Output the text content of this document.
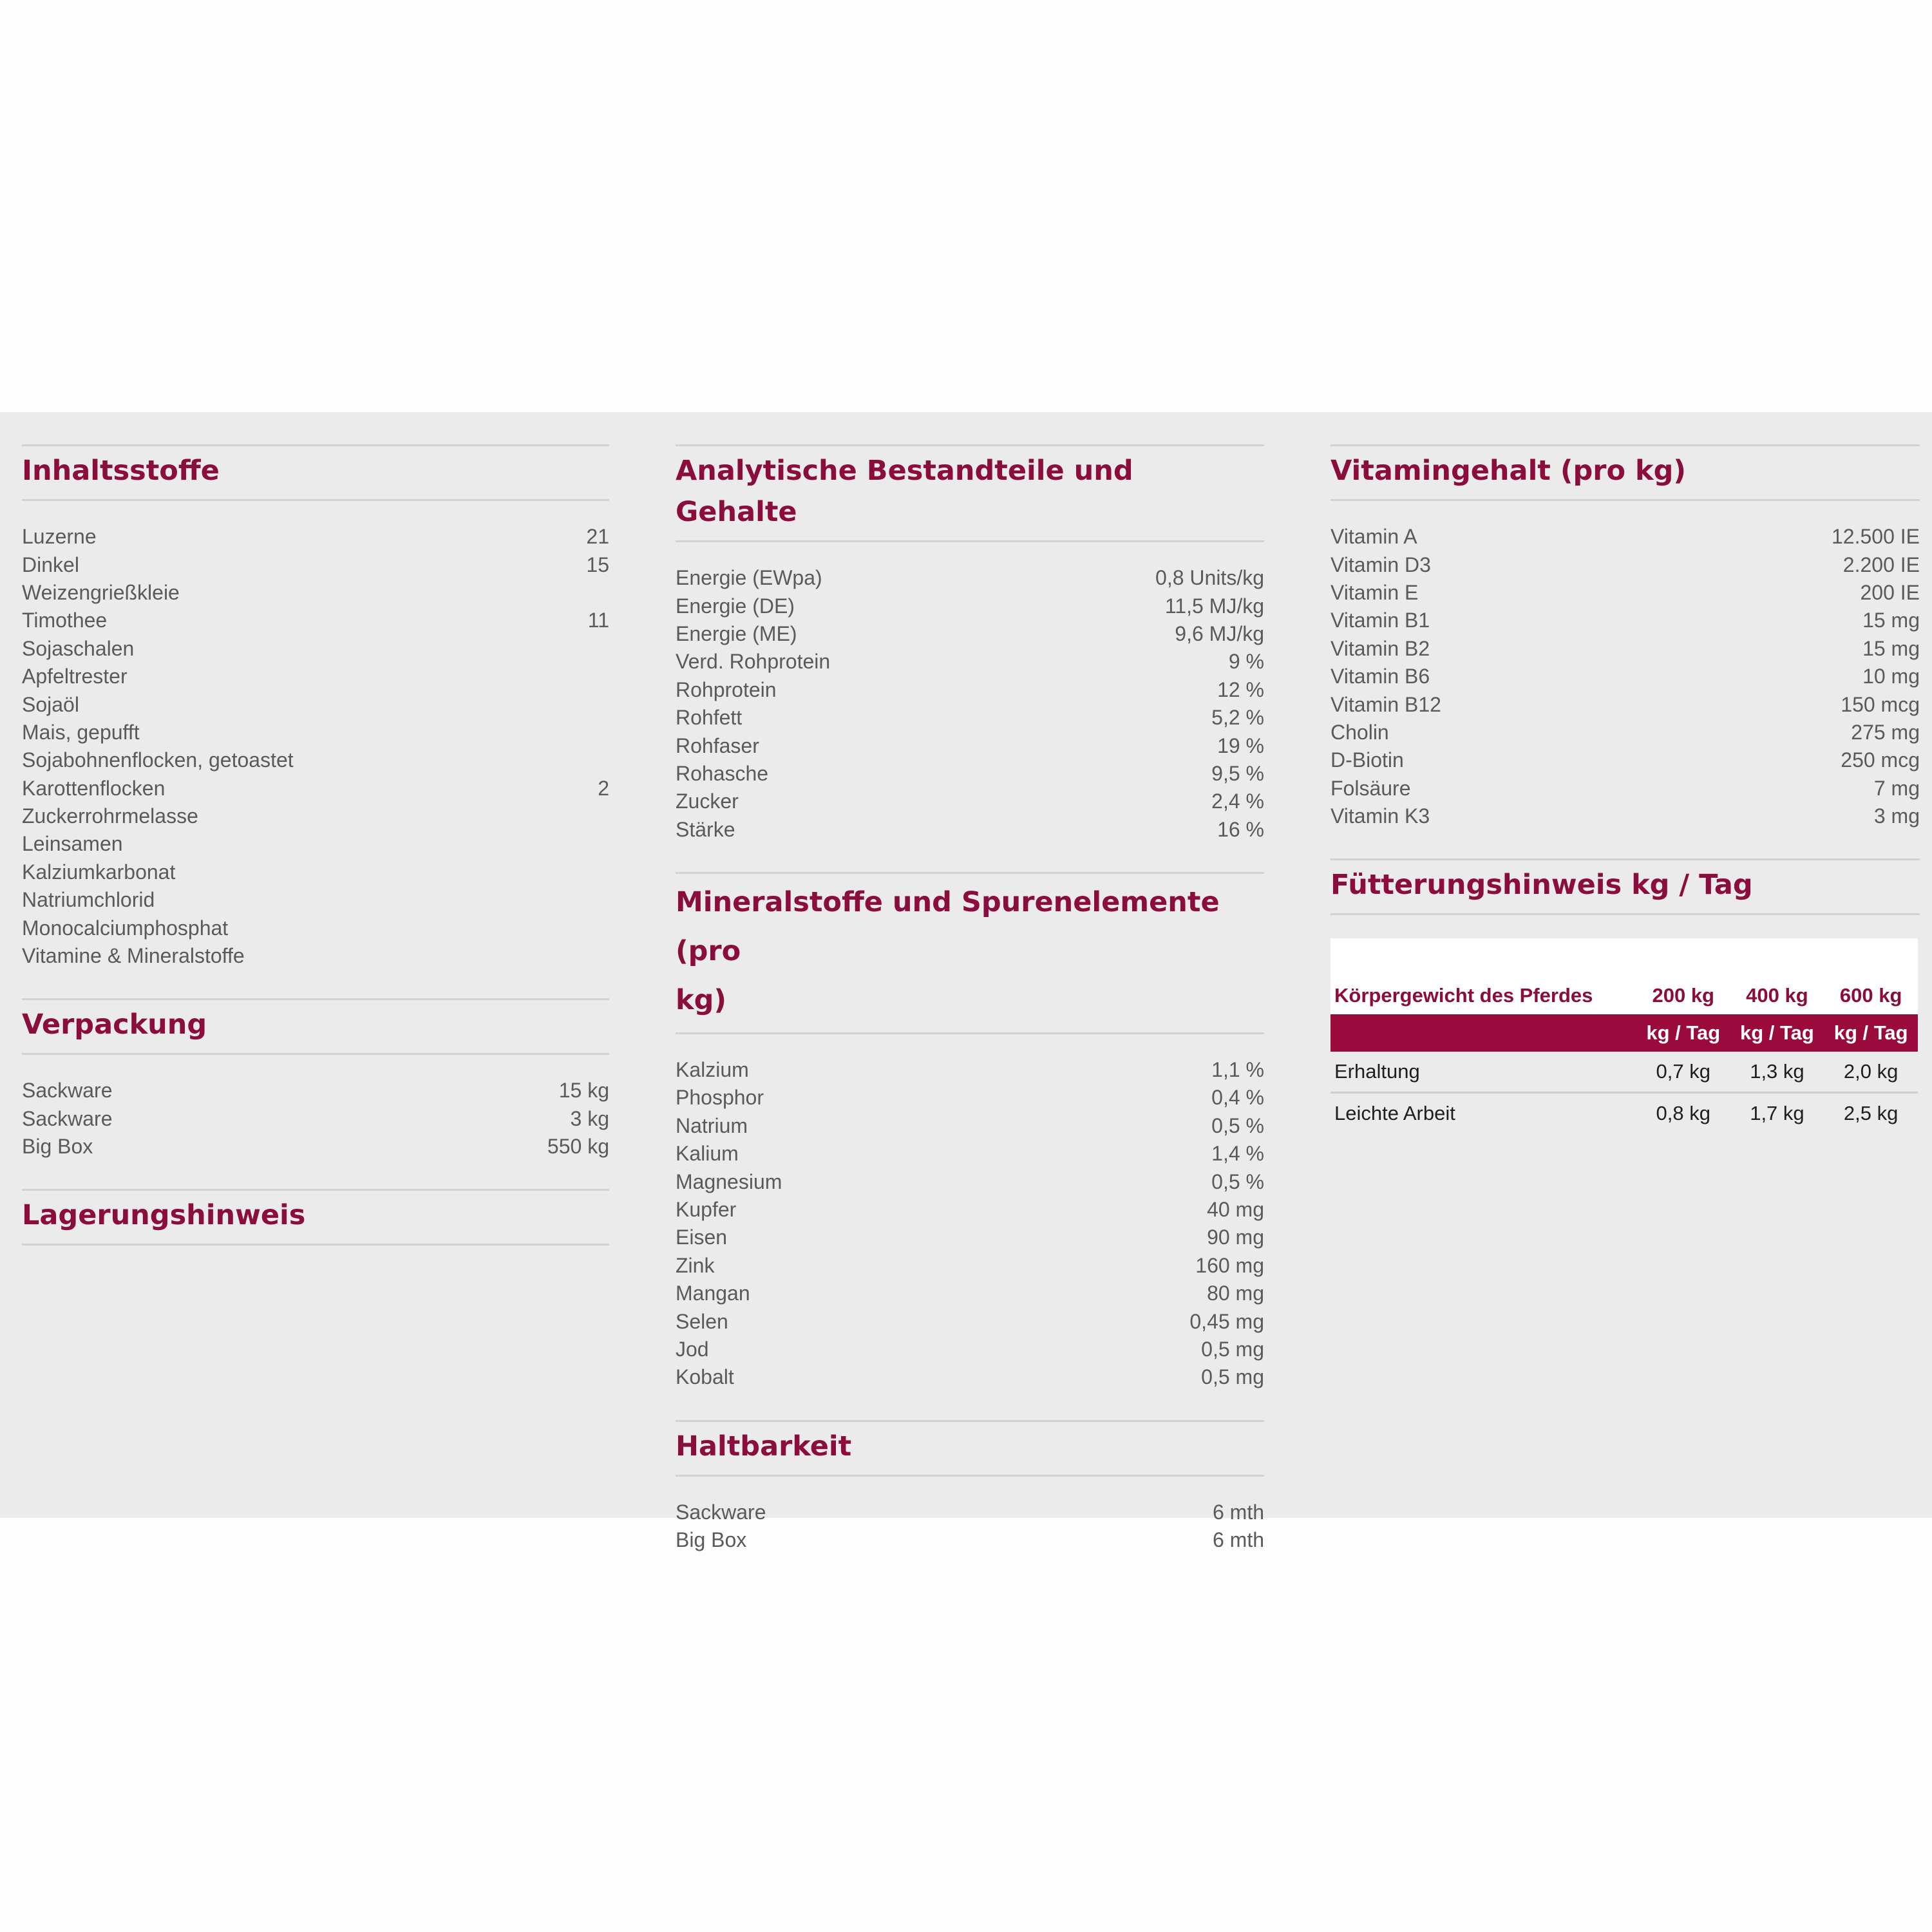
Inhaltsstoffe
Luzerne	21
Dinkel	15
Weizengrießkleie
Timothee	11
Sojaschalen
Apfeltrester
Sojaöl
Mais, gepufft
Sojabohnenflocken, getoastet
Karottenflocken	2
Zuckerrohrmelasse
Leinsamen
Kalziumkarbonat
Natriumchlorid
Monocalciumphosphat
Vitamine & Mineralstoffe
Verpackung
Sackware	15 kg
Sackware	3 kg
Big Box	550 kg
Lagerungshinweis
Analytische Bestandteile und Gehalte
Energie (EWpa)	0,8 Units/kg
Energie (DE)	11,5 MJ/kg
Energie (ME)	9,6 MJ/kg
Verd. Rohprotein	9 %
Rohprotein	12 %
Rohfett	5,2 %
Rohfaser	19 %
Rohasche	9,5 %
Zucker	2,4 %
Stärke	16 %
Mineralstoffe und Spurenelemente (pro
kg)
Kalzium	1,1 %
Phosphor	0,4 %
Natrium	0,5 %
Kalium	1,4 %
Magnesium	0,5 %
Kupfer	40 mg
Eisen	90 mg
Zink	160 mg
Mangan	80 mg
Selen	0,45 mg
Jod	0,5 mg
Kobalt	0,5 mg
Haltbarkeit
Sackware	6 mth
Big Box	6 mth
Vitamingehalt (pro kg)
Vitamin A	12.500 IE
Vitamin D3	2.200 IE
Vitamin E	200 IE
Vitamin B1	15 mg
Vitamin B2	15 mg
Vitamin B6	10 mg
Vitamin B12	150 mcg
Cholin	275 mg
D-Biotin	250 mcg
Folsäure	7 mg
Vitamin K3	3 mg
Fütterungshinweis kg / Tag
Körpergewicht des Pferdes	200 kg	400 kg	600 kg
	kg / Tag	kg / Tag	kg / Tag
Erhaltung	0,7 kg	1,3 kg	2,0 kg
Leichte Arbeit	0,8 kg	1,7 kg	2,5 kg
